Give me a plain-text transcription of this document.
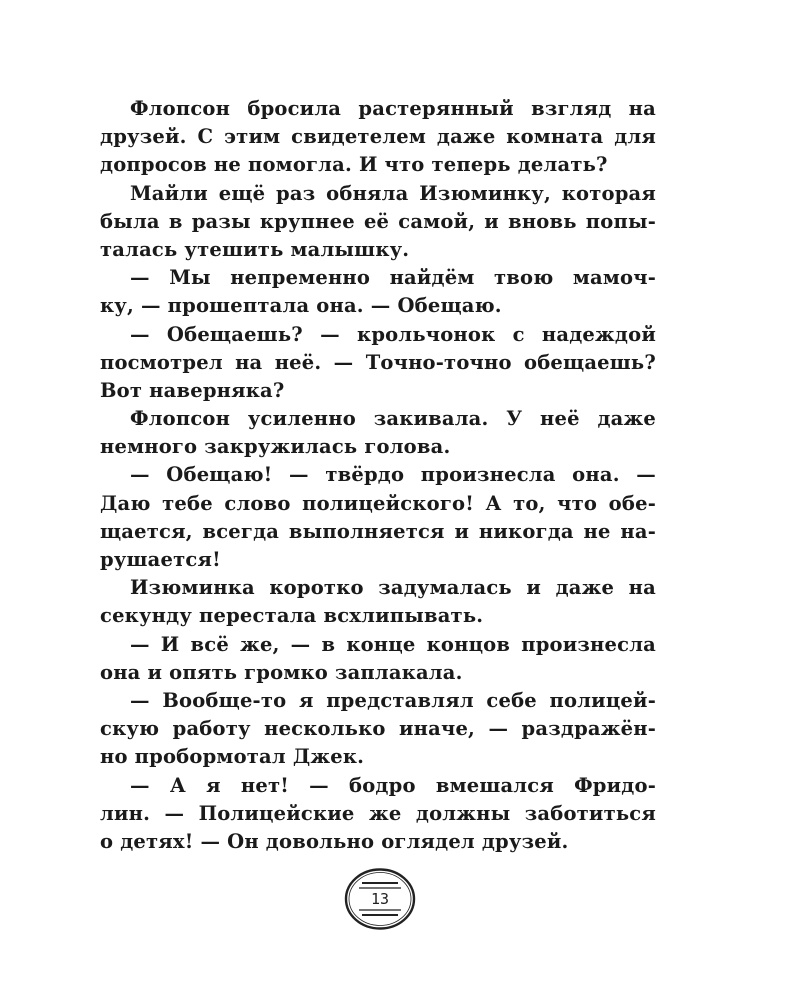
Флопсон бросила растерянный взгляд на
друзей. С этим свидетелем даже комната для
допросов не помогла. И что теперь делать?
Майли ещё раз обняла Изюминку, которая
была в разы крупнее её самой, и вновь попы-
талась утешить малышку.
— Мы непременно найдём твою мамоч-
ку, — прошептала она. — Обещаю.
— Обещаешь? — крольчонок с надеждой
посмотрел на неё. — Точно-точно обещаешь?
Вот наверняка?
Флопсон усиленно закивала. У неё даже
немного закружилась голова.
— Обещаю! — твёрдо произнесла она. —
Даю тебе слово полицейского! А то, что обе-
щается, всегда выполняется и никогда не на-
рушается!
Изюминка коротко задумалась и даже на
секунду перестала всхлипывать.
— И всё же, — в конце концов произнесла
она и опять громко заплакала.
— Вообще-то я представлял себе полицей-
скую работу несколько иначе, — раздражён-
но пробормотал Джек.
— А я нет! — бодро вмешался Фридо-
лин. — Полицейские же должны заботиться
о детях! — Он довольно оглядел друзей.
13
